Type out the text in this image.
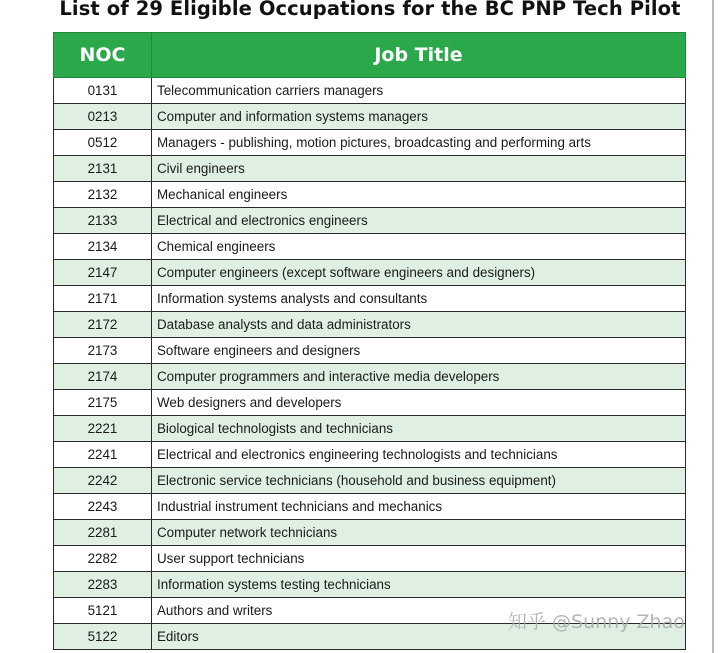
List of 29 Eligible Occupations for the BC PNP Tech Pilot
NOC	Job Title
0131	Telecommunication carriers managers
0213	Computer and information systems managers
0512	Managers - publishing, motion pictures, broadcasting and performing arts
2131	Civil engineers
2132	Mechanical engineers
2133	Electrical and electronics engineers
2134	Chemical engineers
2147	Computer engineers (except software engineers and designers)
2171	Information systems analysts and consultants
2172	Database analysts and data administrators
2173	Software engineers and designers
2174	Computer programmers and interactive media developers
2175	Web designers and developers
2221	Biological technologists and technicians
2241	Electrical and electronics engineering technologists and technicians
2242	Electronic service technicians (household and business equipment)
2243	Industrial instrument technicians and mechanics
2281	Computer network technicians
2282	User support technicians
2283	Information systems testing technicians
5121	Authors and writers
5122	Editors
知乎 @Sunny Zhao
